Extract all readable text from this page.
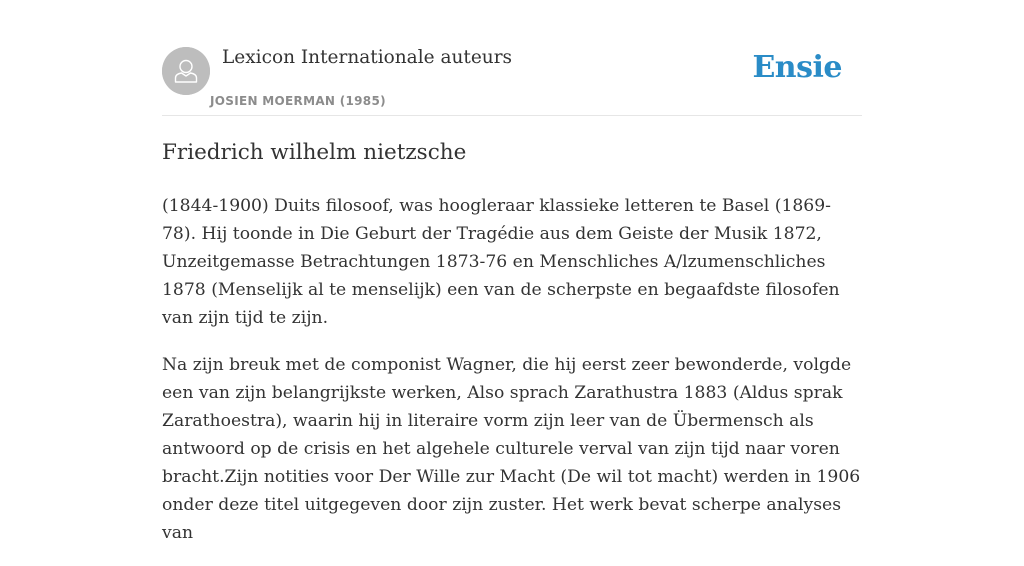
Lexicon Internationale auteurs
JOSIEN MOERMAN (1985)
Ensie
Friedrich wilhelm nietzsche

(1844-1900) Duits filosoof, was hoogleraar klassieke letteren te Basel (1869-78). Hij toonde in Die Geburt der Tragédie aus dem Geiste der Musik 1872, Unzeitgemasse Betrachtungen 1873-76 en Menschliches A/lzumenschliches 1878 (Menselijk al te menselijk) een van de scherpste en begaafdste filosofen van zijn tijd te zijn.

Na zijn breuk met de componist Wagner, die hij eerst zeer bewonderde, volgde een van zijn belangrijkste werken, Also sprach Zarathustra 1883 (Aldus sprak Zarathoestra), waarin hij in literaire vorm zijn leer van de Übermensch als antwoord op de crisis en het algehele culturele verval van zijn tijd naar voren bracht.Zijn notities voor Der Wille zur Macht (De wil tot macht) werden in 1906 onder deze titel uitgegeven door zijn zuster. Het werk bevat scherpe analyses van
